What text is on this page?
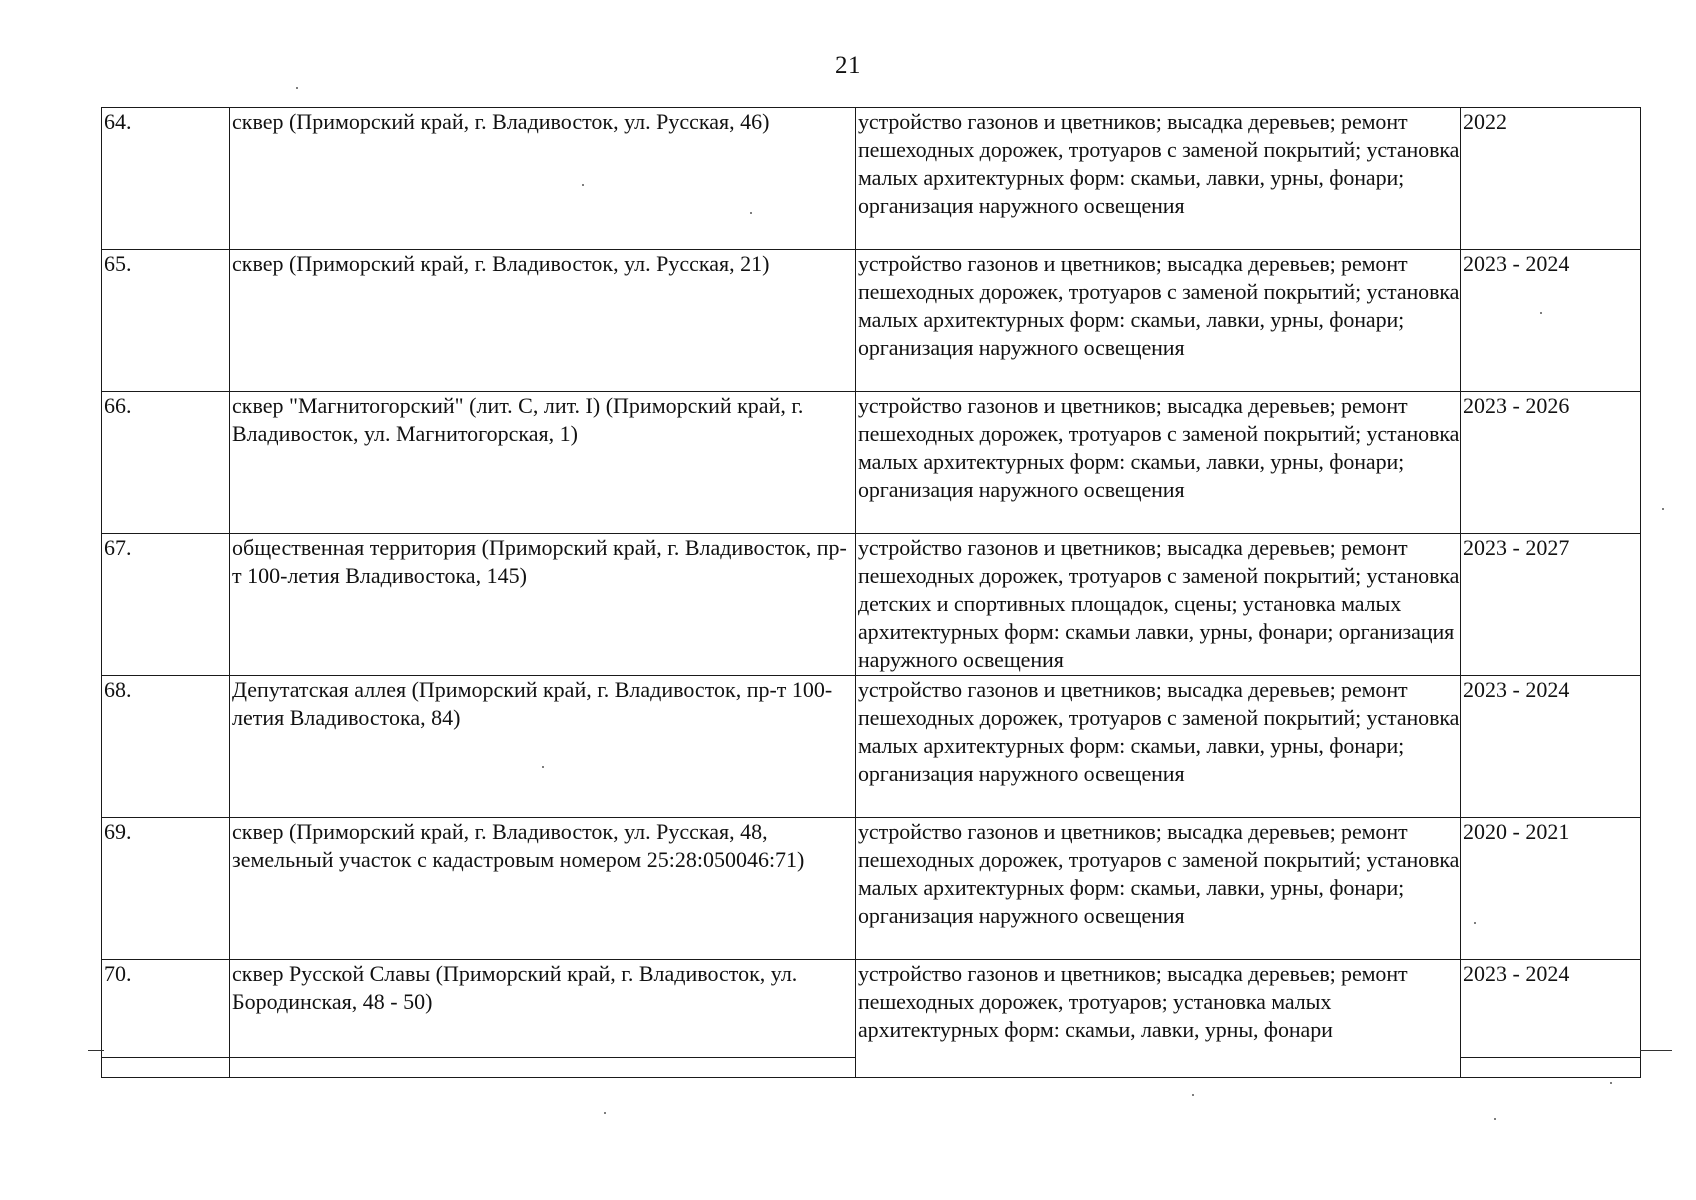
21
64.	сквер (Приморский край, г. Владивосток, ул. Русская, 46)	устройство газонов и цветников; высадка деревьев; ремонт пешеходных дорожек, тротуаров с заменой покрытий; установка малых архитектурных форм: скамьи, лавки, урны, фонари; организация наружного освещения	2022

65.	сквер (Приморский край, г. Владивосток, ул. Русская, 21)	устройство газонов и цветников; высадка деревьев; ремонт пешеходных дорожек, тротуаров с заменой покрытий; установка малых архитектурных форм: скамьи, лавки, урны, фонари; организация наружного освещения	2023 - 2024

66.	сквер "Магнитогорский" (лит. С, лит. I) (Приморский край, г. Владивосток, ул. Магнитогорская, 1)	устройство газонов и цветников; высадка деревьев; ремонт пешеходных дорожек, тротуаров с заменой покрытий; установка малых архитектурных форм: скамьи, лавки, урны, фонари; организация наружного освещения	2023 - 2026

67.	общественная территория (Приморский край, г. Владивосток, пр-т 100-летия Владивостока, 145)	устройство газонов и цветников; высадка деревьев; ремонт пешеходных дорожек, тротуаров с заменой покрытий; установка детских и спортивных площадок, сцены; установка малых архитектурных форм: скамьи лавки, урны, фонари; организация наружного освещения	2023 - 2027

68.	Депутатская аллея (Приморский край, г. Владивосток, пр-т 100-летия Владивостока, 84)	устройство газонов и цветников; высадка деревьев; ремонт пешеходных дорожек, тротуаров с заменой покрытий; установка малых архитектурных форм: скамьи, лавки, урны, фонари; организация наружного освещения	2023 - 2024

69.	сквер (Приморский край, г. Владивосток, ул. Русская, 48, земельный участок с кадастровым номером 25:28:050046:71)	устройство газонов и цветников; высадка деревьев; ремонт пешеходных дорожек, тротуаров с заменой покрытий; установка малых архитектурных форм: скамьи, лавки, урны, фонари; организация наружного освещения	2020 - 2021

70.	сквер Русской Славы (Приморский край, г. Владивосток, ул. Бородинская, 48 - 50)	устройство газонов и цветников; высадка деревьев; ремонт пешеходных дорожек, тротуаров; установка малых архитектурных форм: скамьи, лавки, урны, фонари	2023 - 2024
